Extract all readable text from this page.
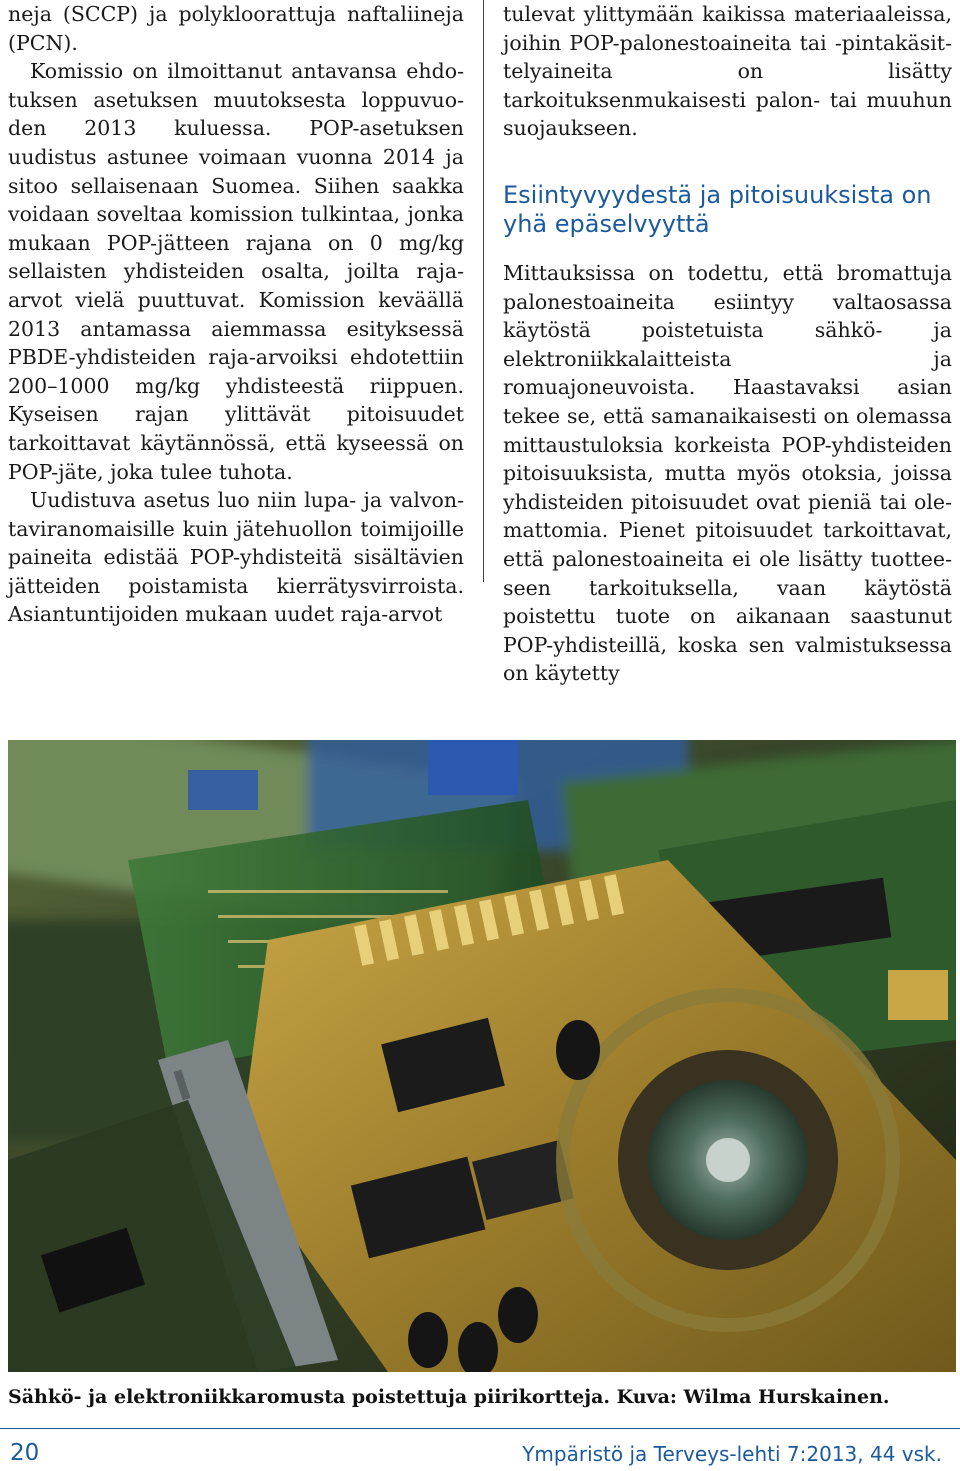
neja (SCCP) ja polykloorattuja naftaliineja (PCN).

Komissio on ilmoittanut antavansa ehdotuksen asetuksen muutoksesta loppuvuoden 2013 kuluessa. POP-asetuksen uudistus astunee voimaan vuonna 2014 ja sitoo sellaisenaan Suomea. Siihen saakka voidaan soveltaa komission tulkintaa, jonka mukaan POP-jätteen rajana on 0 mg/kg sellaisten yhdisteiden osalta, joilta raja-arvot vielä puuttuvat. Komission keväällä 2013 antamassa aiemmassa esityksessä PBDE-yhdisteiden raja-arvoiksi ehdotettiin 200–1000 mg/kg yhdisteestä riippuen. Kyseisen rajan ylittävät pitoisuudet tarkoittavat käytännössä, että kyseessä on POP-jäte, joka tulee tuhota.

Uudistuva asetus luo niin lupa- ja valvontaviranomaisille kuin jätehuollon toimijoille paineita edistää POP-yhdisteitä sisältävien jätteiden poistamista kierrätysvirroista. Asiantuntijoiden mukaan uudet raja-arvot

tulevat ylittymään kaikissa materiaaleissa, joihin POP-palonestoaineita tai -pintakäsittelyaineita on lisätty tarkoituksenmukaisesti palon- tai muuhun suojaukseen.

Esiintyvyydestä ja pitoisuuksista on yhä epäselvyyttä

Mittauksissa on todettu, että bromattuja palonestoaineita esiintyy valtaosassa käytöstä poistetuista sähkö- ja elektroniikkalaitteista ja romuajoneuvoista. Haastavaksi asian tekee se, että samanaikaisesti on olemassa mittaustuloksia korkeista POP-yhdisteiden pitoisuuksista, mutta myös otoksia, joissa yhdisteiden pitoisuudet ovat pieniä tai olemattomia. Pienet pitoisuudet tarkoittavat, että palonestoaineita ei ole lisätty tuotteeseen tarkoituksella, vaan käytöstä poistettu tuote on aikanaan saastunut POP-yhdisteillä, koska sen valmistuksessa on käytetty

Sähkö- ja elektroniikkaromusta poistettuja piirikortteja. Kuva: Wilma Hurskainen.
20	Ympäristö ja Terveys-lehti 7:2013, 44 vsk.
